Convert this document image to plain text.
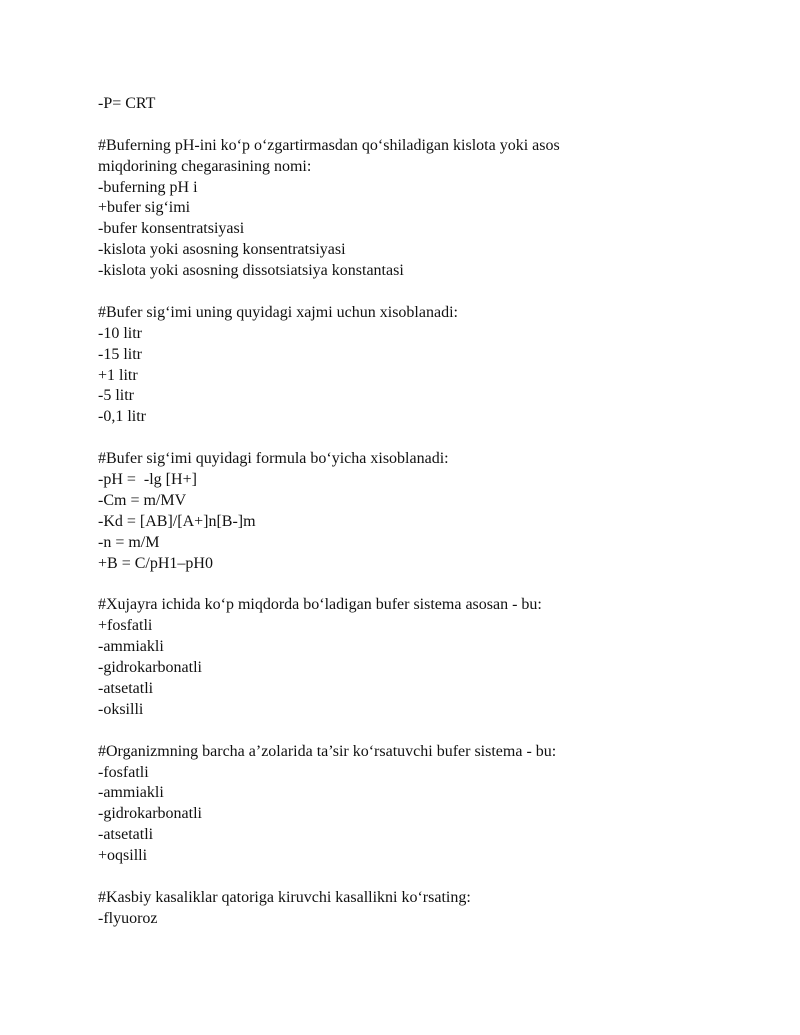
-P= CRT

#Buferning pH-ini ko‘p o‘zgartirmasdan qo‘shiladigan kislota yoki asos

miqdorining chegarasining nomi:

-buferning pH i

+bufer sig‘imi

-bufer konsentratsiyasi

-kislota yoki asosning konsentratsiyasi

-kislota yoki asosning dissotsiatsiya konstantasi

#Bufer sig‘imi uning quyidagi xajmi uchun xisoblanadi:

-10 litr

-15 litr

+1 litr

-5 litr

-0,1 litr

#Bufer sig‘imi quyidagi formula bo‘yicha xisoblanadi:

-pH =  -lg [H+]

-Cm = m/MV

-Kd = [AB]/[A+]n[B-]m

-n = m/M

+B = C/pH1–pH0

#Xujayra ichida ko‘p miqdorda bo‘ladigan bufer sistema asosan - bu:

+fosfatli

-ammiakli

-gidrokarbonatli

-atsetatli

-oksilli

#Organizmning barcha a’zolarida ta’sir ko‘rsatuvchi bufer sistema - bu:

-fosfatli

-ammiakli

-gidrokarbonatli

-atsetatli

+oqsilli

#Kasbiy kasaliklar qatoriga kiruvchi kasallikni ko‘rsating:

-flyuoroz
